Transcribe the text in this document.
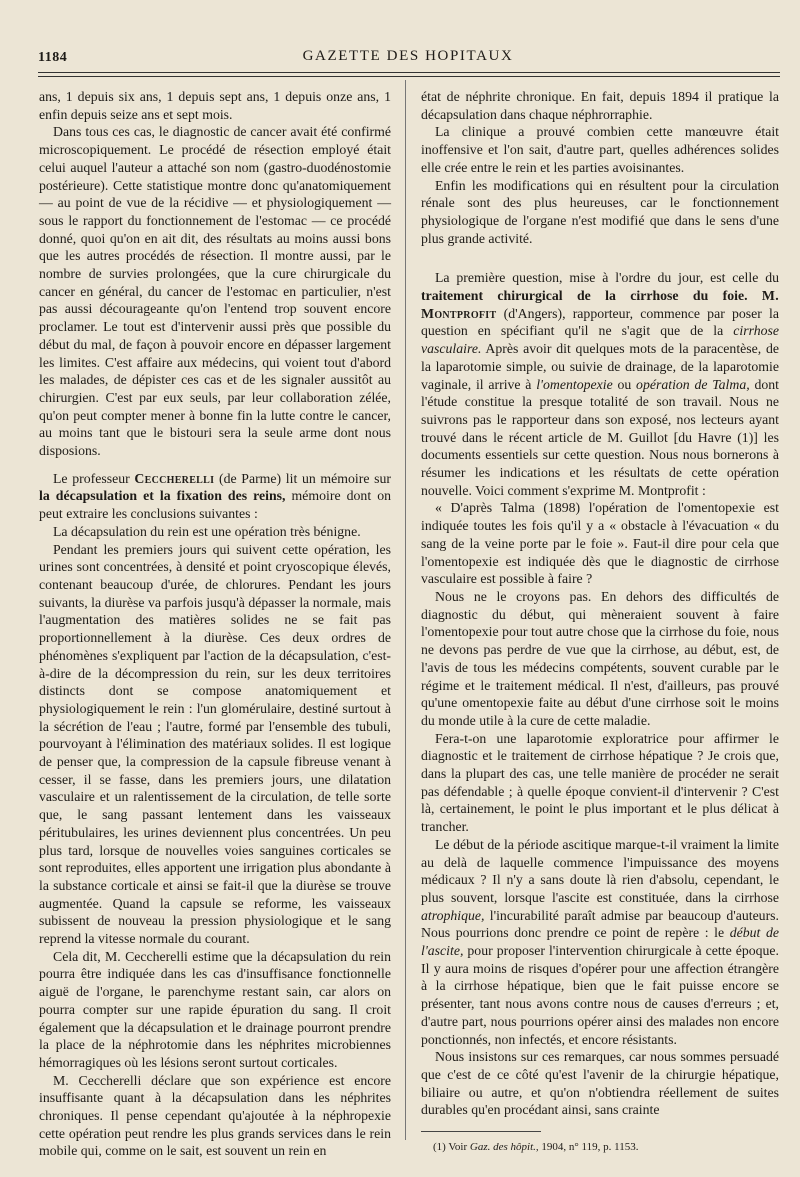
1184	GAZETTE DES HOPITAUX

ans, 1 depuis six ans, 1 depuis sept ans, 1 depuis onze ans, 1 enfin depuis seize ans et sept mois.

Dans tous ces cas, le diagnostic de cancer avait été confirmé microscopiquement. Le procédé de résection employé était celui auquel l'auteur a attaché son nom (gastro-duodénostomie postérieure). Cette statistique montre donc qu'anatomiquement — au point de vue de la récidive — et physiologiquement — sous le rapport du fonctionnement de l'estomac — ce procédé donné, quoi qu'on en ait dit, des résultats au moins aussi bons que les autres procédés de résection. Il montre aussi, par le nombre de survies prolongées, que la cure chirurgicale du cancer en général, du cancer de l'estomac en particulier, n'est pas aussi décourageante qu'on l'entend trop souvent encore proclamer. Le tout est d'intervenir aussi près que possible du début du mal, de façon à pouvoir encore en dépasser largement les limites. C'est affaire aux médecins, qui voient tout d'abord les malades, de dépister ces cas et de les signaler aussitôt au chirurgien. C'est par eux seuls, par leur collaboration zélée, qu'on peut compter mener à bonne fin la lutte contre le cancer, au moins tant que le bistouri sera la seule arme dont nous disposions.

Le professeur Ceccherelli (de Parme) lit un mémoire sur la décapsulation et la fixation des reins, mémoire dont on peut extraire les conclusions suivantes :

La décapsulation du rein est une opération très bénigne.

Pendant les premiers jours qui suivent cette opération, les urines sont concentrées, à densité et point cryoscopique élevés, contenant beaucoup d'urée, de chlorures. Pendant les jours suivants, la diurèse va parfois jusqu'à dépasser la normale, mais l'augmentation des matières solides ne se fait pas proportionnellement à la diurèse. Ces deux ordres de phénomènes s'expliquent par l'action de la décapsulation, c'est-à-dire de la décompression du rein, sur les deux territoires distincts dont se compose anatomiquement et physiologiquement le rein : l'un glomérulaire, destiné surtout à la sécrétion de l'eau ; l'autre, formé par l'ensemble des tubuli, pourvoyant à l'élimination des matériaux solides. Il est logique de penser que, la compression de la capsule fibreuse venant à cesser, il se fasse, dans les premiers jours, une dilatation vasculaire et un ralentissement de la circulation, de telle sorte que, le sang passant lentement dans les vaisseaux péritubulaires, les urines deviennent plus concentrées. Un peu plus tard, lorsque de nouvelles voies sanguines corticales se sont reproduites, elles apportent une irrigation plus abondante à la substance corticale et ainsi se fait-il que la diurèse se trouve augmentée. Quand la capsule se reforme, les vaisseaux subissent de nouveau la pression physiologique et le sang reprend la vitesse normale du courant.

Cela dit, M. Ceccherelli estime que la décapsulation du rein pourra être indiquée dans les cas d'insuffisance fonctionnelle aiguë de l'organe, le parenchyme restant sain, car alors on pourra compter sur une rapide épuration du sang. Il croit également que la décapsulation et le drainage pourront prendre la place de la néphrotomie dans les néphrites microbiennes hémorragiques où les lésions seront surtout corticales.

M. Ceccherelli déclare que son expérience est encore insuffisante quant à la décapsulation dans les néphrites chroniques. Il pense cependant qu'ajoutée à la néphropexie cette opération peut rendre les plus grands services dans le rein mobile qui, comme on le sait, est souvent un rein en

état de néphrite chronique. En fait, depuis 1894 il pratique la décapsulation dans chaque néphrorraphie.

La clinique a prouvé combien cette manœuvre était inoffensive et l'on sait, d'autre part, quelles adhérences solides elle crée entre le rein et les parties avoisinantes.

Enfin les modifications qui en résultent pour la circulation rénale sont des plus heureuses, car le fonctionnement physiologique de l'organe n'est modifié que dans le sens d'une plus grande activité.

La première question, mise à l'ordre du jour, est celle du traitement chirurgical de la cirrhose du foie. M. Montprofit (d'Angers), rapporteur, commence par poser la question en spécifiant qu'il ne s'agit que de la cirrhose vasculaire. Après avoir dit quelques mots de la paracentèse, de la laparotomie simple, ou suivie de drainage, de la laparotomie vaginale, il arrive à l'omentopexie ou opération de Talma, dont l'étude constitue la presque totalité de son travail. Nous ne suivrons pas le rapporteur dans son exposé, nos lecteurs ayant trouvé dans le récent article de M. Guillot [du Havre (1)] les documents essentiels sur cette question. Nous nous bornerons à résumer les indications et les résultats de cette opération nouvelle. Voici comment s'exprime M. Montprofit :

« D'après Talma (1898) l'opération de l'omentopexie est indiquée toutes les fois qu'il y a « obstacle à l'évacuation « du sang de la veine porte par le foie ». Faut-il dire pour cela que l'omentopexie est indiquée dès que le diagnostic de cirrhose vasculaire est possible à faire ?

Nous ne le croyons pas. En dehors des difficultés de diagnostic du début, qui mèneraient souvent à faire l'omentopexie pour tout autre chose que la cirrhose du foie, nous ne devons pas perdre de vue que la cirrhose, au début, est, de l'avis de tous les médecins compétents, souvent curable par le régime et le traitement médical. Il n'est, d'ailleurs, pas prouvé qu'une omentopexie faite au début d'une cirrhose soit le moins du monde utile à la cure de cette maladie.

Fera-t-on une laparotomie exploratrice pour affirmer le diagnostic et le traitement de cirrhose hépatique ? Je crois que, dans la plupart des cas, une telle manière de procéder ne serait pas défendable ; à quelle époque convient-il d'intervenir ? C'est là, certainement, le point le plus important et le plus délicat à trancher.

Le début de la période ascitique marque-t-il vraiment la limite au delà de laquelle commence l'impuissance des moyens médicaux ? Il n'y a sans doute là rien d'absolu, cependant, le plus souvent, lorsque l'ascite est constituée, dans la cirrhose atrophique, l'incurabilité paraît admise par beaucoup d'auteurs. Nous pourrions donc prendre ce point de repère : le début de l'ascite, pour proposer l'intervention chirurgicale à cette époque. Il y aura moins de risques d'opérer pour une affection étrangère à la cirrhose hépatique, bien que le fait puisse encore se présenter, tant nous avons contre nous de causes d'erreurs ; et, d'autre part, nous pourrions opérer ainsi des malades non encore ponctionnés, non infectés, et encore résistants.

Nous insistons sur ces remarques, car nous sommes persuadé que c'est de ce côté qu'est l'avenir de la chirurgie hépatique, biliaire ou autre, et qu'on n'obtiendra réellement de suites durables qu'en procédant ainsi, sans crainte

(1) Voir Gaz. des hôpit., 1904, n° 119, p. 1153.
